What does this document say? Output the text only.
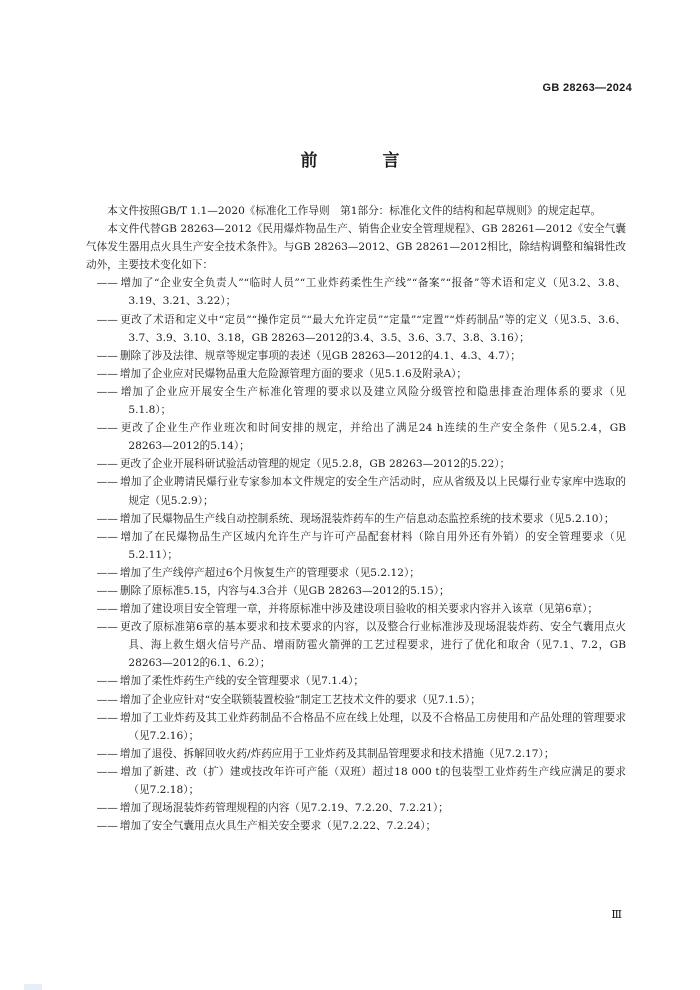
GB 28263—2024
前　言

本文件按照GB/T 1.1—2020《标准化工作导则　第1部分：标准化文件的结构和起草规则》的规定起草。

本文件代替GB 28263—2012《民用爆炸物品生产、销售企业安全管理规程》、GB 28261—2012《安全气囊气体发生器用点火具生产安全技术条件》。与GB 28263—2012、GB 28261—2012相比，除结构调整和编辑性改动外，主要技术变化如下：

—— 增加了“企业安全负责人”“临时人员”“工业炸药柔性生产线”“备案”“报备”等术语和定义（见3.2、3.8、3.19、3.21、3.22）；

—— 更改了术语和定义中“定员”“操作定员”“最大允许定员”“定量”“定置”“炸药制品”等的定义（见3.5、3.6、3.7、3.9、3.10、3.18，GB 28263—2012的3.4、3.5、3.6、3.7、3.8、3.16）；

—— 删除了涉及法律、规章等规定事项的表述（见GB 28263—2012的4.1、4.3、4.7）；

—— 增加了企业应对民爆物品重大危险源管理方面的要求（见5.1.6及附录A）；

—— 增加了企业应开展安全生产标准化管理的要求以及建立风险分级管控和隐患排查治理体系的要求（见5.1.8）；

—— 更改了企业生产作业班次和时间安排的规定，并给出了满足24 h连续的生产安全条件（见5.2.4，GB 28263—2012的5.14）；

—— 更改了企业开展科研试验活动管理的规定（见5.2.8，GB 28263—2012的5.22）；

—— 增加了企业聘请民爆行业专家参加本文件规定的安全生产活动时，应从省级及以上民爆行业专家库中选取的规定（见5.2.9）；

—— 增加了民爆物品生产线自动控制系统、现场混装炸药车的生产信息动态监控系统的技术要求（见5.2.10）；

—— 增加了在民爆物品生产区域内允许生产与许可产品配套材料（除自用外还有外销）的安全管理要求（见5.2.11）；

—— 增加了生产线停产超过6个月恢复生产的管理要求（见5.2.12）；

—— 删除了原标准5.15，内容与4.3合并（见GB 28263—2012的5.15）；

—— 增加了建设项目安全管理一章，并将原标准中涉及建设项目验收的相关要求内容并入该章（见第6章）；

—— 更改了原标准第6章的基本要求和技术要求的内容，以及整合行业标准涉及现场混装炸药、安全气囊用点火具、海上救生烟火信号产品、增雨防雹火箭弹的工艺过程要求，进行了优化和取舍（见7.1、7.2，GB 28263—2012的6.1、6.2）；

—— 增加了柔性炸药生产线的安全管理要求（见7.1.4）；

—— 增加了企业应针对“安全联锁装置校验”制定工艺技术文件的要求（见7.1.5）；

—— 增加了工业炸药及其工业炸药制品不合格品不应在线上处理，以及不合格品工房使用和产品处理的管理要求（见7.2.16）；

—— 增加了退役、拆解回收火药/炸药应用于工业炸药及其制品管理要求和技术措施（见7.2.17）；

—— 增加了新建、改（扩）建或技改年许可产能（双班）超过18 000 t的包装型工业炸药生产线应满足的要求（见7.2.18）；

—— 增加了现场混装炸药管理规程的内容（见7.2.19、7.2.20、7.2.21）；

—— 增加了安全气囊用点火具生产相关安全要求（见7.2.22、7.2.24）；

Ⅲ
